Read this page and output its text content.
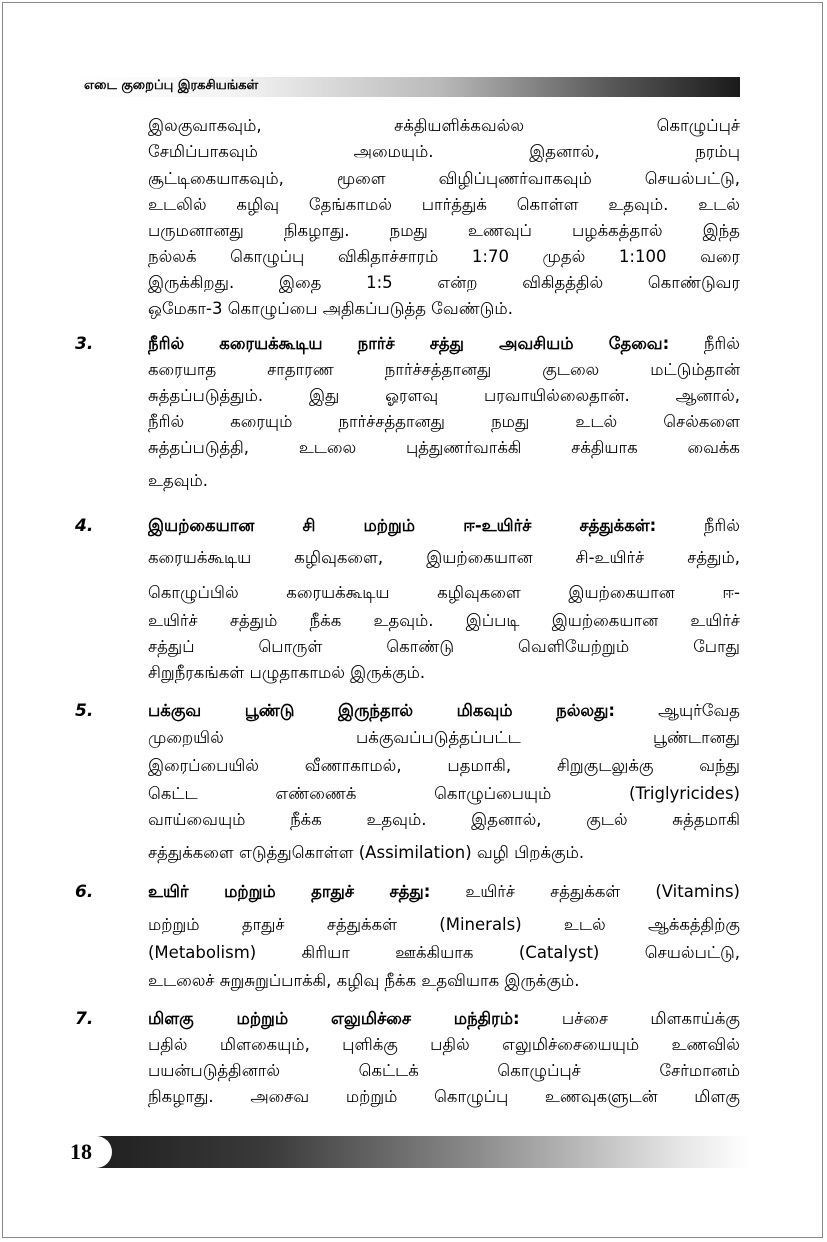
எடை குறைப்பு இரகசியங்கள்
இலகுவாகவும், சக்தியளிக்கவல்ல கொழுப்புச்
சேமிப்பாகவும் அமையும். இதனால், நரம்பு
சூட்டிகையாகவும், மூளை விழிப்புணர்வாகவும் செயல்பட்டு,
உடலில் கழிவு தேங்காமல் பார்த்துக் கொள்ள உதவும். உடல்
பருமனானது நிகழாது. நமது உணவுப் பழக்கத்தால் இந்த
நல்லக் கொழுப்பு விகிதாச்சாரம் 1:70 முதல் 1:100 வரை
இருக்கிறது. இதை 1:5 என்ற விகிதத்தில் கொண்டுவர
ஒமேகா-3 கொழுப்பை அதிகப்படுத்த வேண்டும்.
3.	நீரில் கரையக்கூடிய நார்ச் சத்து அவசியம் தேவை: நீரில்
கரையாத சாதாரண நார்ச்சத்தானது குடலை மட்டும்தான்
சுத்தப்படுத்தும். இது ஓரளவு பரவாயில்லைதான். ஆனால்,
நீரில் கரையும் நார்ச்சத்தானது நமது உடல் செல்களை
சுத்தப்படுத்தி, உடலை புத்துணர்வாக்கி சக்தியாக வைக்க
உதவும்.
4.	இயற்கையான சி மற்றும் ஈ-உயிர்ச் சத்துக்கள்: நீரில்
கரையக்கூடிய கழிவுகளை, இயற்கையான சி-உயிர்ச் சத்தும்,
கொழுப்பில் கரையக்கூடிய கழிவுகளை இயற்கையான ஈ-
உயிர்ச் சத்தும் நீக்க உதவும். இப்படி இயற்கையான உயிர்ச்
சத்துப் பொருள் கொண்டு வெளியேற்றும் போது
சிறுநீரகங்கள் பழுதாகாமல் இருக்கும்.
5.	பக்குவ பூண்டு இருந்தால் மிகவும் நல்லது: ஆயுர்வேத
முறையில் பக்குவப்படுத்தப்பட்ட பூண்டானது
இரைப்பையில் வீணாகாமல், பதமாகி, சிறுகுடலுக்கு வந்து
கெட்ட எண்ணைக் கொழுப்பையும் (Triglyricides)
வாய்வையும் நீக்க உதவும். இதனால், குடல் சுத்தமாகி
சத்துக்களை எடுத்துகொள்ள (Assimilation) வழி பிறக்கும்.
6.	உயிர் மற்றும் தாதுச் சத்து: உயிர்ச் சத்துக்கள் (Vitamins)
மற்றும் தாதுச் சத்துக்கள் (Minerals) உடல் ஆக்கத்திற்கு
(Metabolism) கிரியா ஊக்கியாக (Catalyst) செயல்பட்டு,
உடலைச் சுறுசுறுப்பாக்கி, கழிவு நீக்க உதவியாக இருக்கும்.
7.	மிளகு மற்றும் எலுமிச்சை மந்திரம்: பச்சை மிளகாய்க்கு
பதில் மிளகையும், புளிக்கு பதில் எலுமிச்சையையும் உணவில்
பயன்படுத்தினால் கெட்டக் கொழுப்புச் சேர்மானம்
நிகழாது. அசைவ மற்றும் கொழுப்பு உணவுகளுடன் மிளகு
18
